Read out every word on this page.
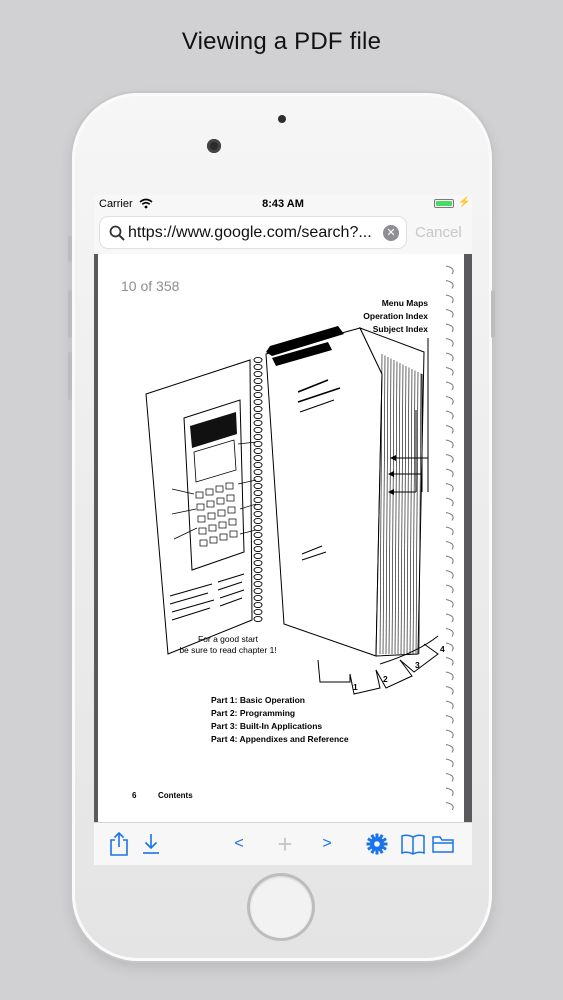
Viewing a PDF file
Carrier	8:43 AM	⚡
https://www.google.com/search?...	✕ Cancel
10 of 358
Menu Maps
Operation Index
Subject Index
For a good start
be sure to read chapter 1!
1
2
3
4
Part 1: Basic Operation
Part 2: Programming
Part 3: Built-In Applications
Part 4: Appendixes and Reference
6	Contents
< + >
